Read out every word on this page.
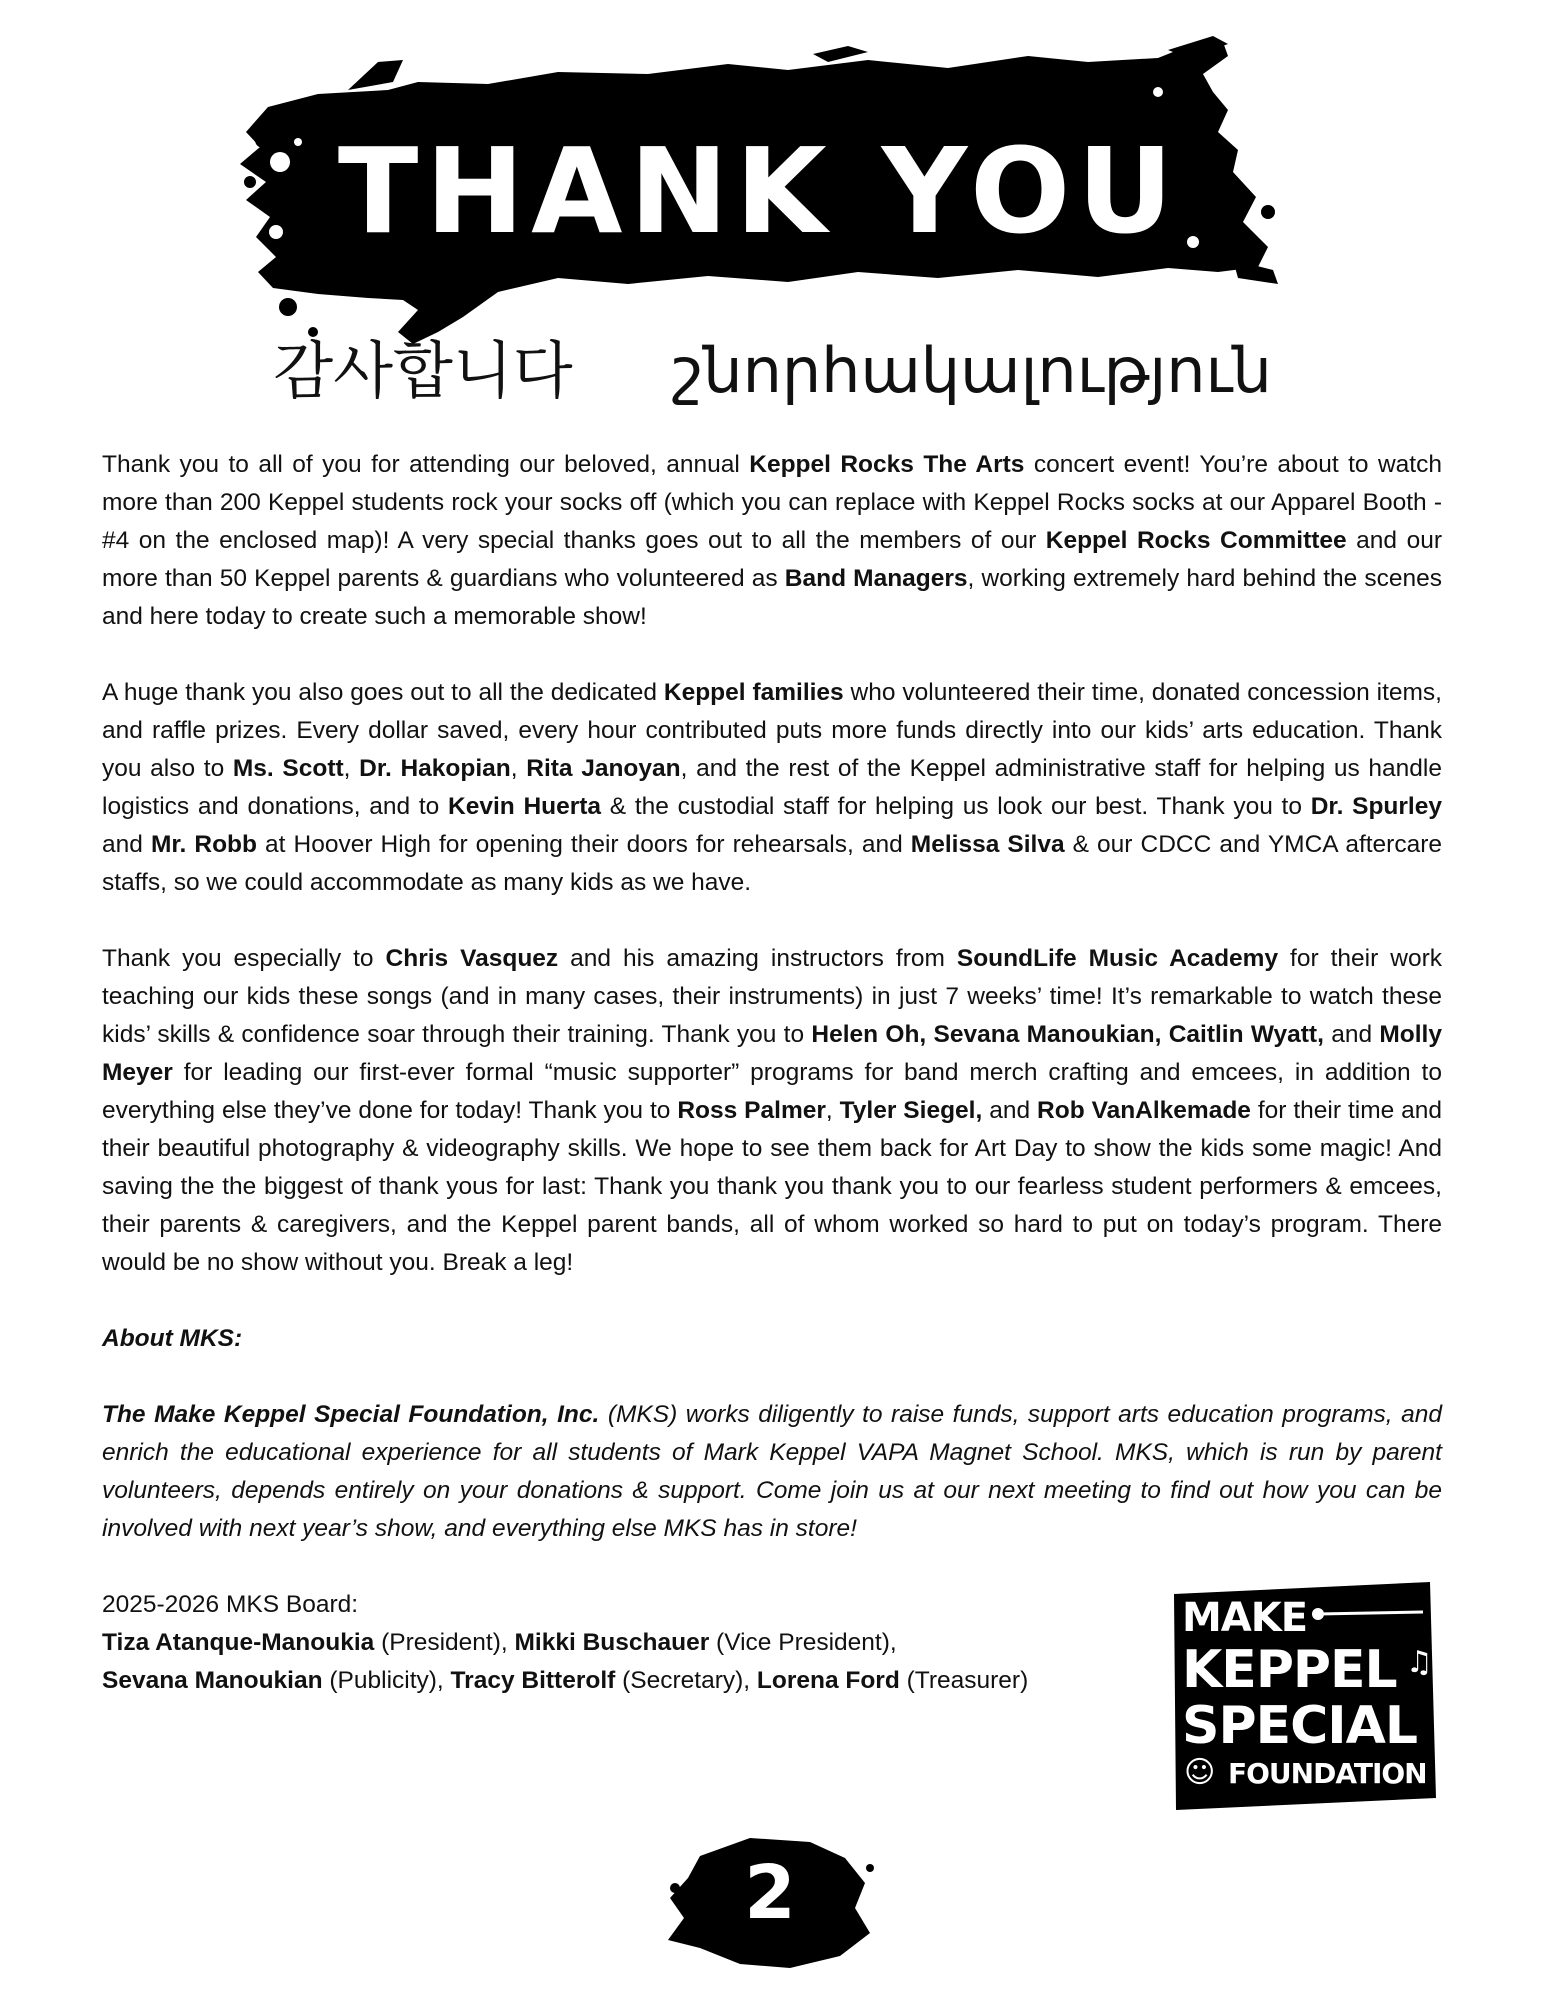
THANK YOU
감사합니다 շնորհակալություն

Thank you to all of you for attending our beloved, annual Keppel Rocks The Arts concert event! You’re about to watch more than 200 Keppel students rock your socks off (which you can replace with Keppel Rocks socks at our Apparel Booth - #4 on the enclosed map)! A very special thanks goes out to all the members of our Keppel Rocks Committee and our more than 50 Keppel parents & guardians who volunteered as Band Managers, working extremely hard behind the scenes and here today to create such a memorable show!

A huge thank you also goes out to all the dedicated Keppel families who volunteered their time, donated concession items, and raffle prizes. Every dollar saved, every hour contributed puts more funds directly into our kids’ arts education. Thank you also to Ms. Scott, Dr. Hakopian, Rita Janoyan, and the rest of the Keppel administrative staff for helping us handle logistics and donations, and to Kevin Huerta & the custodial staff for helping us look our best. Thank you to Dr. Spurley and Mr. Robb at Hoover High for opening their doors for rehearsals, and Melissa Silva & our CDCC and YMCA aftercare staffs, so we could accommodate as many kids as we have.

Thank you especially to Chris Vasquez and his amazing instructors from SoundLife Music Academy for their work teaching our kids these songs (and in many cases, their instruments) in just 7 weeks’ time! It’s remarkable to watch these kids’ skills & confidence soar through their training. Thank you to Helen Oh, Sevana Manoukian, Caitlin Wyatt, and Molly Meyer for leading our first-ever formal “music supporter” programs for band merch crafting and emcees, in addition to everything else they’ve done for today! Thank you to Ross Palmer, Tyler Siegel, and Rob VanAlkemade for their time and their beautiful photography & videography skills. We hope to see them back for Art Day to show the kids some magic! And saving the the biggest of thank yous for last: Thank you thank you thank you to our fearless student performers & emcees, their parents & caregivers, and the Keppel parent bands, all of whom worked so hard to put on today’s program. There would be no show without you. Break a leg!

About MKS:

The Make Keppel Special Foundation, Inc. (MKS) works diligently to raise funds, support arts education programs, and enrich the educational experience for all students of Mark Keppel VAPA Magnet School. MKS, which is run by parent volunteers, depends entirely on your donations & support. Come join us at our next meeting to find out how you can be involved with next year’s show, and everything else MKS has in store!

2025-2026 MKS Board:

Tiza Atanque-Manoukia (President), Mikki Buschauer (Vice President),

Sevana Manoukian (Publicity), Tracy Bitterolf (Secretary), Lorena Ford (Treasurer)

♫
MAKE
KEPPEL
SPECIAL
FOUNDATION
☺
2
